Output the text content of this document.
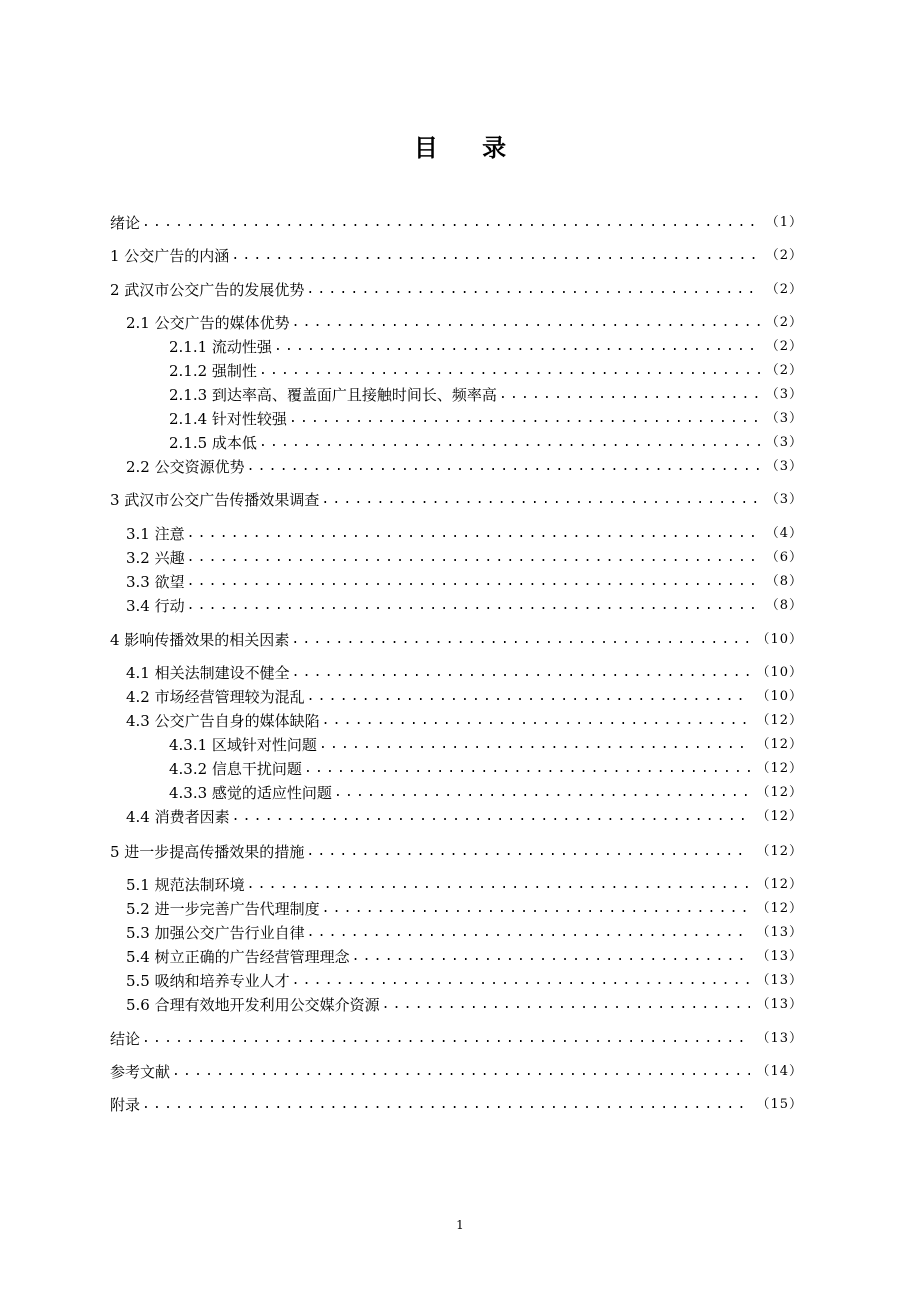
目 录
绪论 .....	（1）
1 公交广告的内涵 .....	（2）
2 武汉市公交广告的发展优势 .....	（2）
2.1 公交广告的媒体优势 .....	（2）
2.1.1 流动性强 .....	（2）
2.1.2 强制性 .....	（2）
2.1.3 到达率高、覆盖面广且接触时间长、频率高 .....	（3）
2.1.4 针对性较强 .....	（3）
2.1.5 成本低 .....	（3）
2.2 公交资源优势 .....	（3）
3 武汉市公交广告传播效果调查 .....	（3）
3.1 注意 .....	（4）
3.2 兴趣 .....	（6）
3.3 欲望 .....	（8）
3.4 行动 .....	（8）
4 影响传播效果的相关因素 .....	（10）
4.1 相关法制建设不健全 .....	（10）
4.2 市场经营管理较为混乱 .....	（10）
4.3 公交广告自身的媒体缺陷 .....	（12）
4.3.1 区域针对性问题 .....	（12）
4.3.2 信息干扰问题 .....	（12）
4.3.3 感觉的适应性问题 .....	（12）
4.4 消费者因素 .....	（12）
5 进一步提高传播效果的措施 .....	（12）
5.1 规范法制环境 .....	（12）
5.2 进一步完善广告代理制度 .....	（12）
5.3 加强公交广告行业自律 .....	（13）
5.4 树立正确的广告经营管理理念 .....	（13）
5.5 吸纳和培养专业人才 .....	（13）
5.6 合理有效地开发利用公交媒介资源 .....	（13）
结论 .....	（13）
参考文献 .....	（14）
附录 .....	（15）
1
